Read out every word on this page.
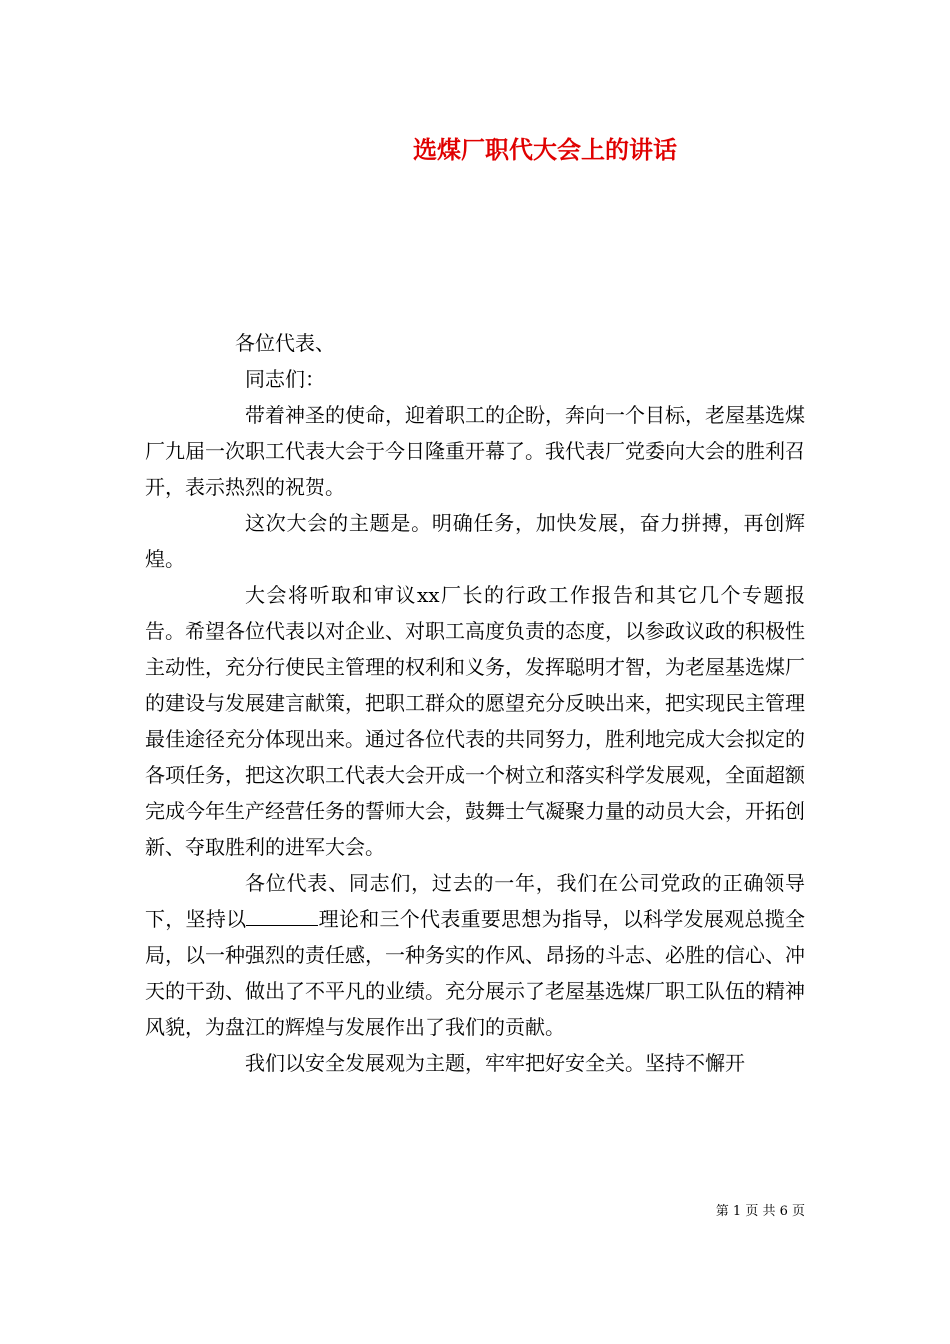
选煤厂职代大会上的讲话

各位代表、

同志们：

带着神圣的使命，迎着职工的企盼，奔向一个目标，老屋基选煤厂九届一次职工代表大会于今日隆重开幕了。我代表厂党委向大会的胜利召开，表示热烈的祝贺。

这次大会的主题是。明确任务，加快发展，奋力拼搏，再创辉煌。

大会将听取和审议xx厂长的行政工作报告和其它几个专题报告。希望各位代表以对企业、对职工高度负责的态度，以参政议政的积极性主动性，充分行使民主管理的权利和义务，发挥聪明才智，为老屋基选煤厂的建设与发展建言献策，把职工群众的愿望充分反映出来，把实现民主管理最佳途径充分体现出来。通过各位代表的共同努力，胜利地完成大会拟定的各项任务，把这次职工代表大会开成一个树立和落实科学发展观，全面超额完成今年生产经营任务的誓师大会，鼓舞士气凝聚力量的动员大会，开拓创新、夺取胜利的进军大会。

各位代表、同志们，过去的一年，我们在公司党政的正确领导下，坚持以	理论和三个代表重要思想为指导，以科学发展观总揽全局，以一种强烈的责任感，一种务实的作风、昂扬的斗志、必胜的信心、冲天的干劲、做出了不平凡的业绩。充分展示了老屋基选煤厂职工队伍的精神风貌，为盘江的辉煌与发展作出了我们的贡献。

我们以安全发展观为主题，牢牢把好安全关。坚持不懈开

第 1 页 共 6 页
